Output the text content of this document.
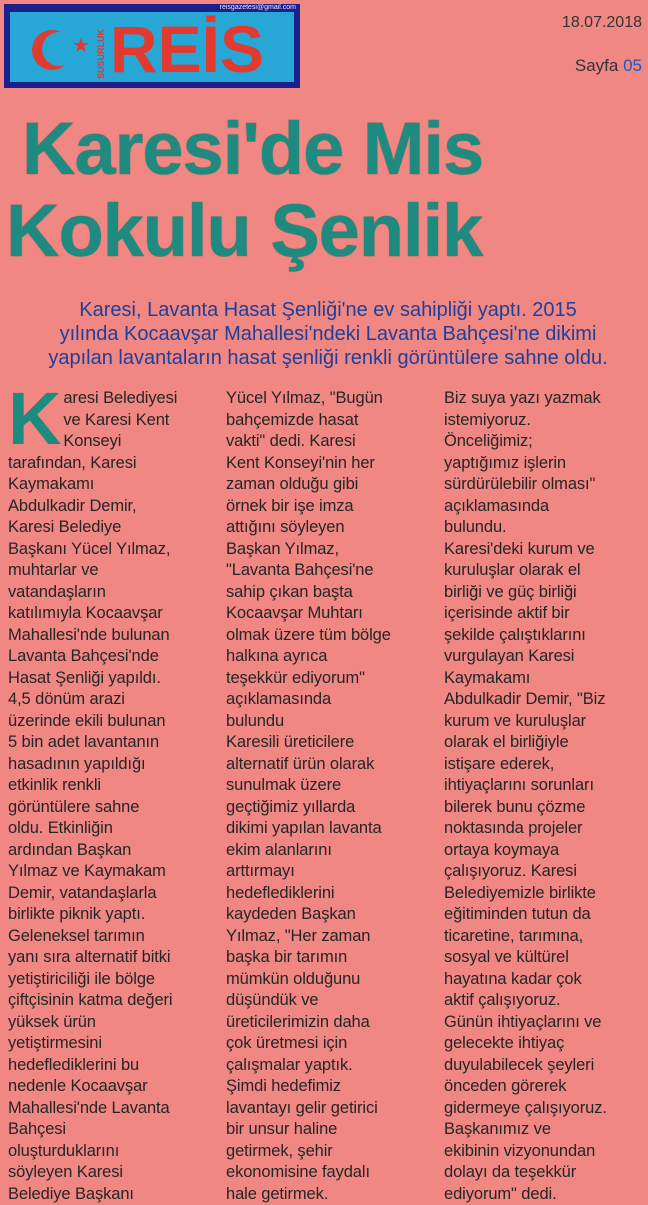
★ SUSURLUK REİS
reisgazetesi@gmail.com
18.07.2018
Sayfa 05
Karesi'de Mis
Kokulu Şenlik
Karesi, Lavanta Hasat Şenliği'ne ev sahipliği yaptı. 2015
yılında Kocaavşar Mahallesi'ndeki Lavanta Bahçesi'ne dikimi
yapılan lavantaların hasat şenliği renkli görüntülere sahne oldu.
K aresi Belediyesi
ve Karesi Kent
Konseyi
tarafından, Karesi
Kaymakamı
Abdulkadir Demir,
Karesi Belediye
Başkanı Yücel Yılmaz,
muhtarlar ve
vatandaşların
katılımıyla Kocaavşar
Mahallesi'nde bulunan
Lavanta Bahçesi'nde
Hasat Şenliği yapıldı.
4,5 dönüm arazi
üzerinde ekili bulunan
5 bin adet lavantanın
hasadının yapıldığı
etkinlik renkli
görüntülere sahne
oldu. Etkinliğin
ardından Başkan
Yılmaz ve Kaymakam
Demir, vatandaşlarla
birlikte piknik yaptı.
Geleneksel tarımın
yanı sıra alternatif bitki
yetiştiriciliği ile bölge
çiftçisinin katma değeri
yüksek ürün
yetiştirmesini
hedeflediklerini bu
nedenle Kocaavşar
Mahallesi'nde Lavanta
Bahçesi
oluşturduklarını
söyleyen Karesi
Belediye Başkanı
Yücel Yılmaz, "Bugün
bahçemizde hasat
vakti" dedi. Karesi
Kent Konseyi'nin her
zaman olduğu gibi
örnek bir işe imza
attığını söyleyen
Başkan Yılmaz,
"Lavanta Bahçesi'ne
sahip çıkan başta
Kocaavşar Muhtarı
olmak üzere tüm bölge
halkına ayrıca
teşekkür ediyorum"
açıklamasında
bulundu
Karesili üreticilere
alternatif ürün olarak
sunulmak üzere
geçtiğimiz yıllarda
dikimi yapılan lavanta
ekim alanlarını
arttırmayı
hedeflediklerini
kaydeden Başkan
Yılmaz, "Her zaman
başka bir tarımın
mümkün olduğunu
düşündük ve
üreticilerimizin daha
çok üretmesi için
çalışmalar yaptık.
Şimdi hedefimiz
lavantayı gelir getirici
bir unsur haline
getirmek, şehir
ekonomisine faydalı
hale getirmek.
Biz suya yazı yazmak
istemiyoruz.
Önceliğimiz;
yaptığımız işlerin
sürdürülebilir olması"
açıklamasında
bulundu.
Karesi'deki kurum ve
kuruluşlar olarak el
birliği ve güç birliği
içerisinde aktif bir
şekilde çalıştıklarını
vurgulayan Karesi
Kaymakamı
Abdulkadir Demir, "Biz
kurum ve kuruluşlar
olarak el birliğiyle
istişare ederek,
ihtiyaçlarını sorunları
bilerek bunu çözme
noktasında projeler
ortaya koymaya
çalışıyoruz. Karesi
Belediyemizle birlikte
eğitiminden tutun da
ticaretine, tarımına,
sosyal ve kültürel
hayatına kadar çok
aktif çalışıyoruz.
Günün ihtiyaçlarını ve
gelecekte ihtiyaç
duyulabilecek şeyleri
önceden görerek
gidermeye çalışıyoruz.
Başkanımız ve
ekibinin vizyonundan
dolayı da teşekkür
ediyorum" dedi.
